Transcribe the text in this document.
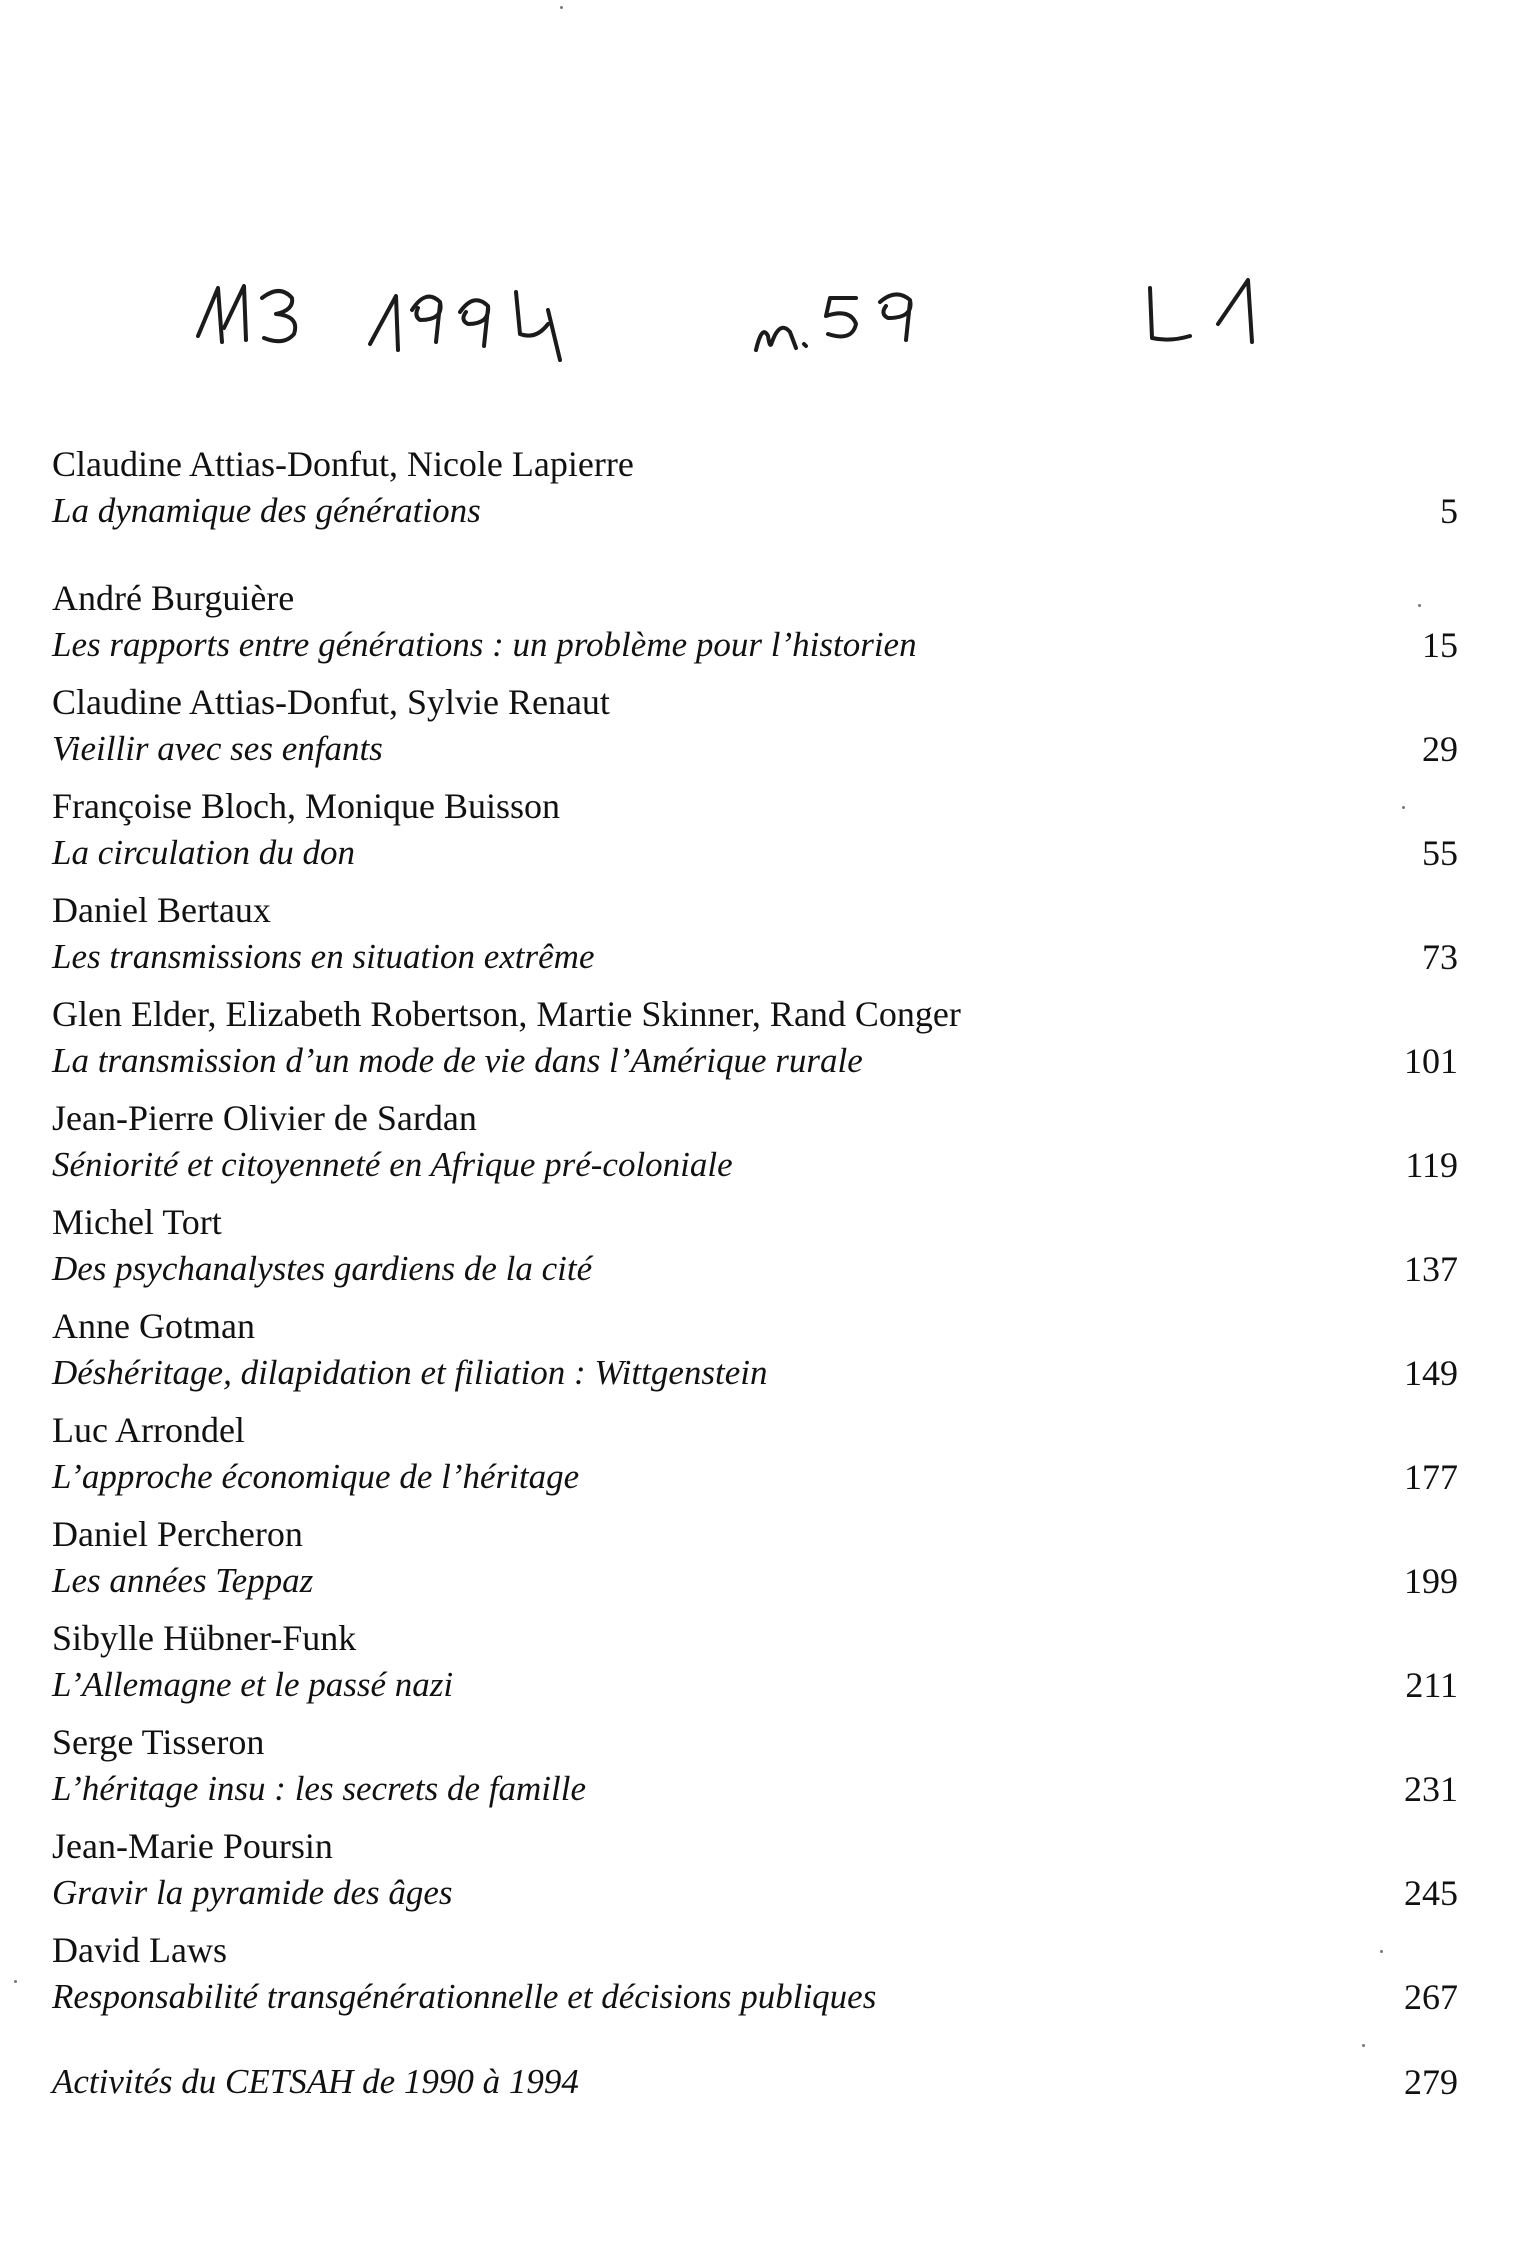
Claudine Attias-Donfut, Nicole Lapierre
La dynamique des générations	5
André Burguière
Les rapports entre générations : un problème pour l’historien	15
Claudine Attias-Donfut, Sylvie Renaut
Vieillir avec ses enfants	29
Françoise Bloch, Monique Buisson
La circulation du don	55
Daniel Bertaux
Les transmissions en situation extrême	73
Glen Elder, Elizabeth Robertson, Martie Skinner, Rand Conger
La transmission d’un mode de vie dans l’Amérique rurale	101
Jean-Pierre Olivier de Sardan
Séniorité et citoyenneté en Afrique pré-coloniale	119
Michel Tort
Des psychanalystes gardiens de la cité	137
Anne Gotman
Déshéritage, dilapidation et filiation : Wittgenstein	149
Luc Arrondel
L’approche économique de l’héritage	177
Daniel Percheron
Les années Teppaz	199
Sibylle Hübner-Funk
L’Allemagne et le passé nazi	211
Serge Tisseron
L’héritage insu : les secrets de famille	231
Jean-Marie Poursin
Gravir la pyramide des âges	245
David Laws
Responsabilité transgénérationnelle et décisions publiques	267
Activités du CETSAH de 1990 à 1994	279
